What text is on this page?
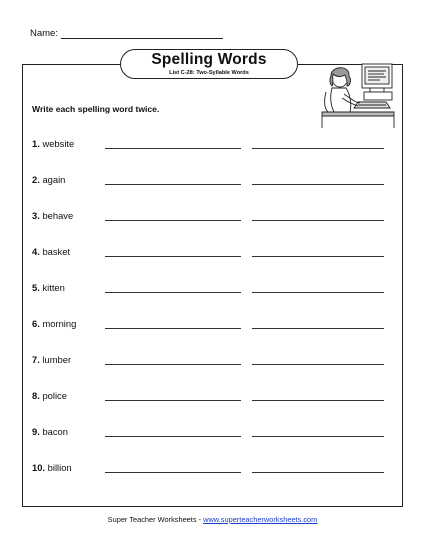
Name:
Spelling Words
List C-28: Two-Syllable Words
Write each spelling word twice.
1. website
2. again
3. behave
4. basket
5. kitten
6. morning
7. lumber
8. police
9. bacon
10. billion
Super Teacher Worksheets - www.superteacherworksheets.com
